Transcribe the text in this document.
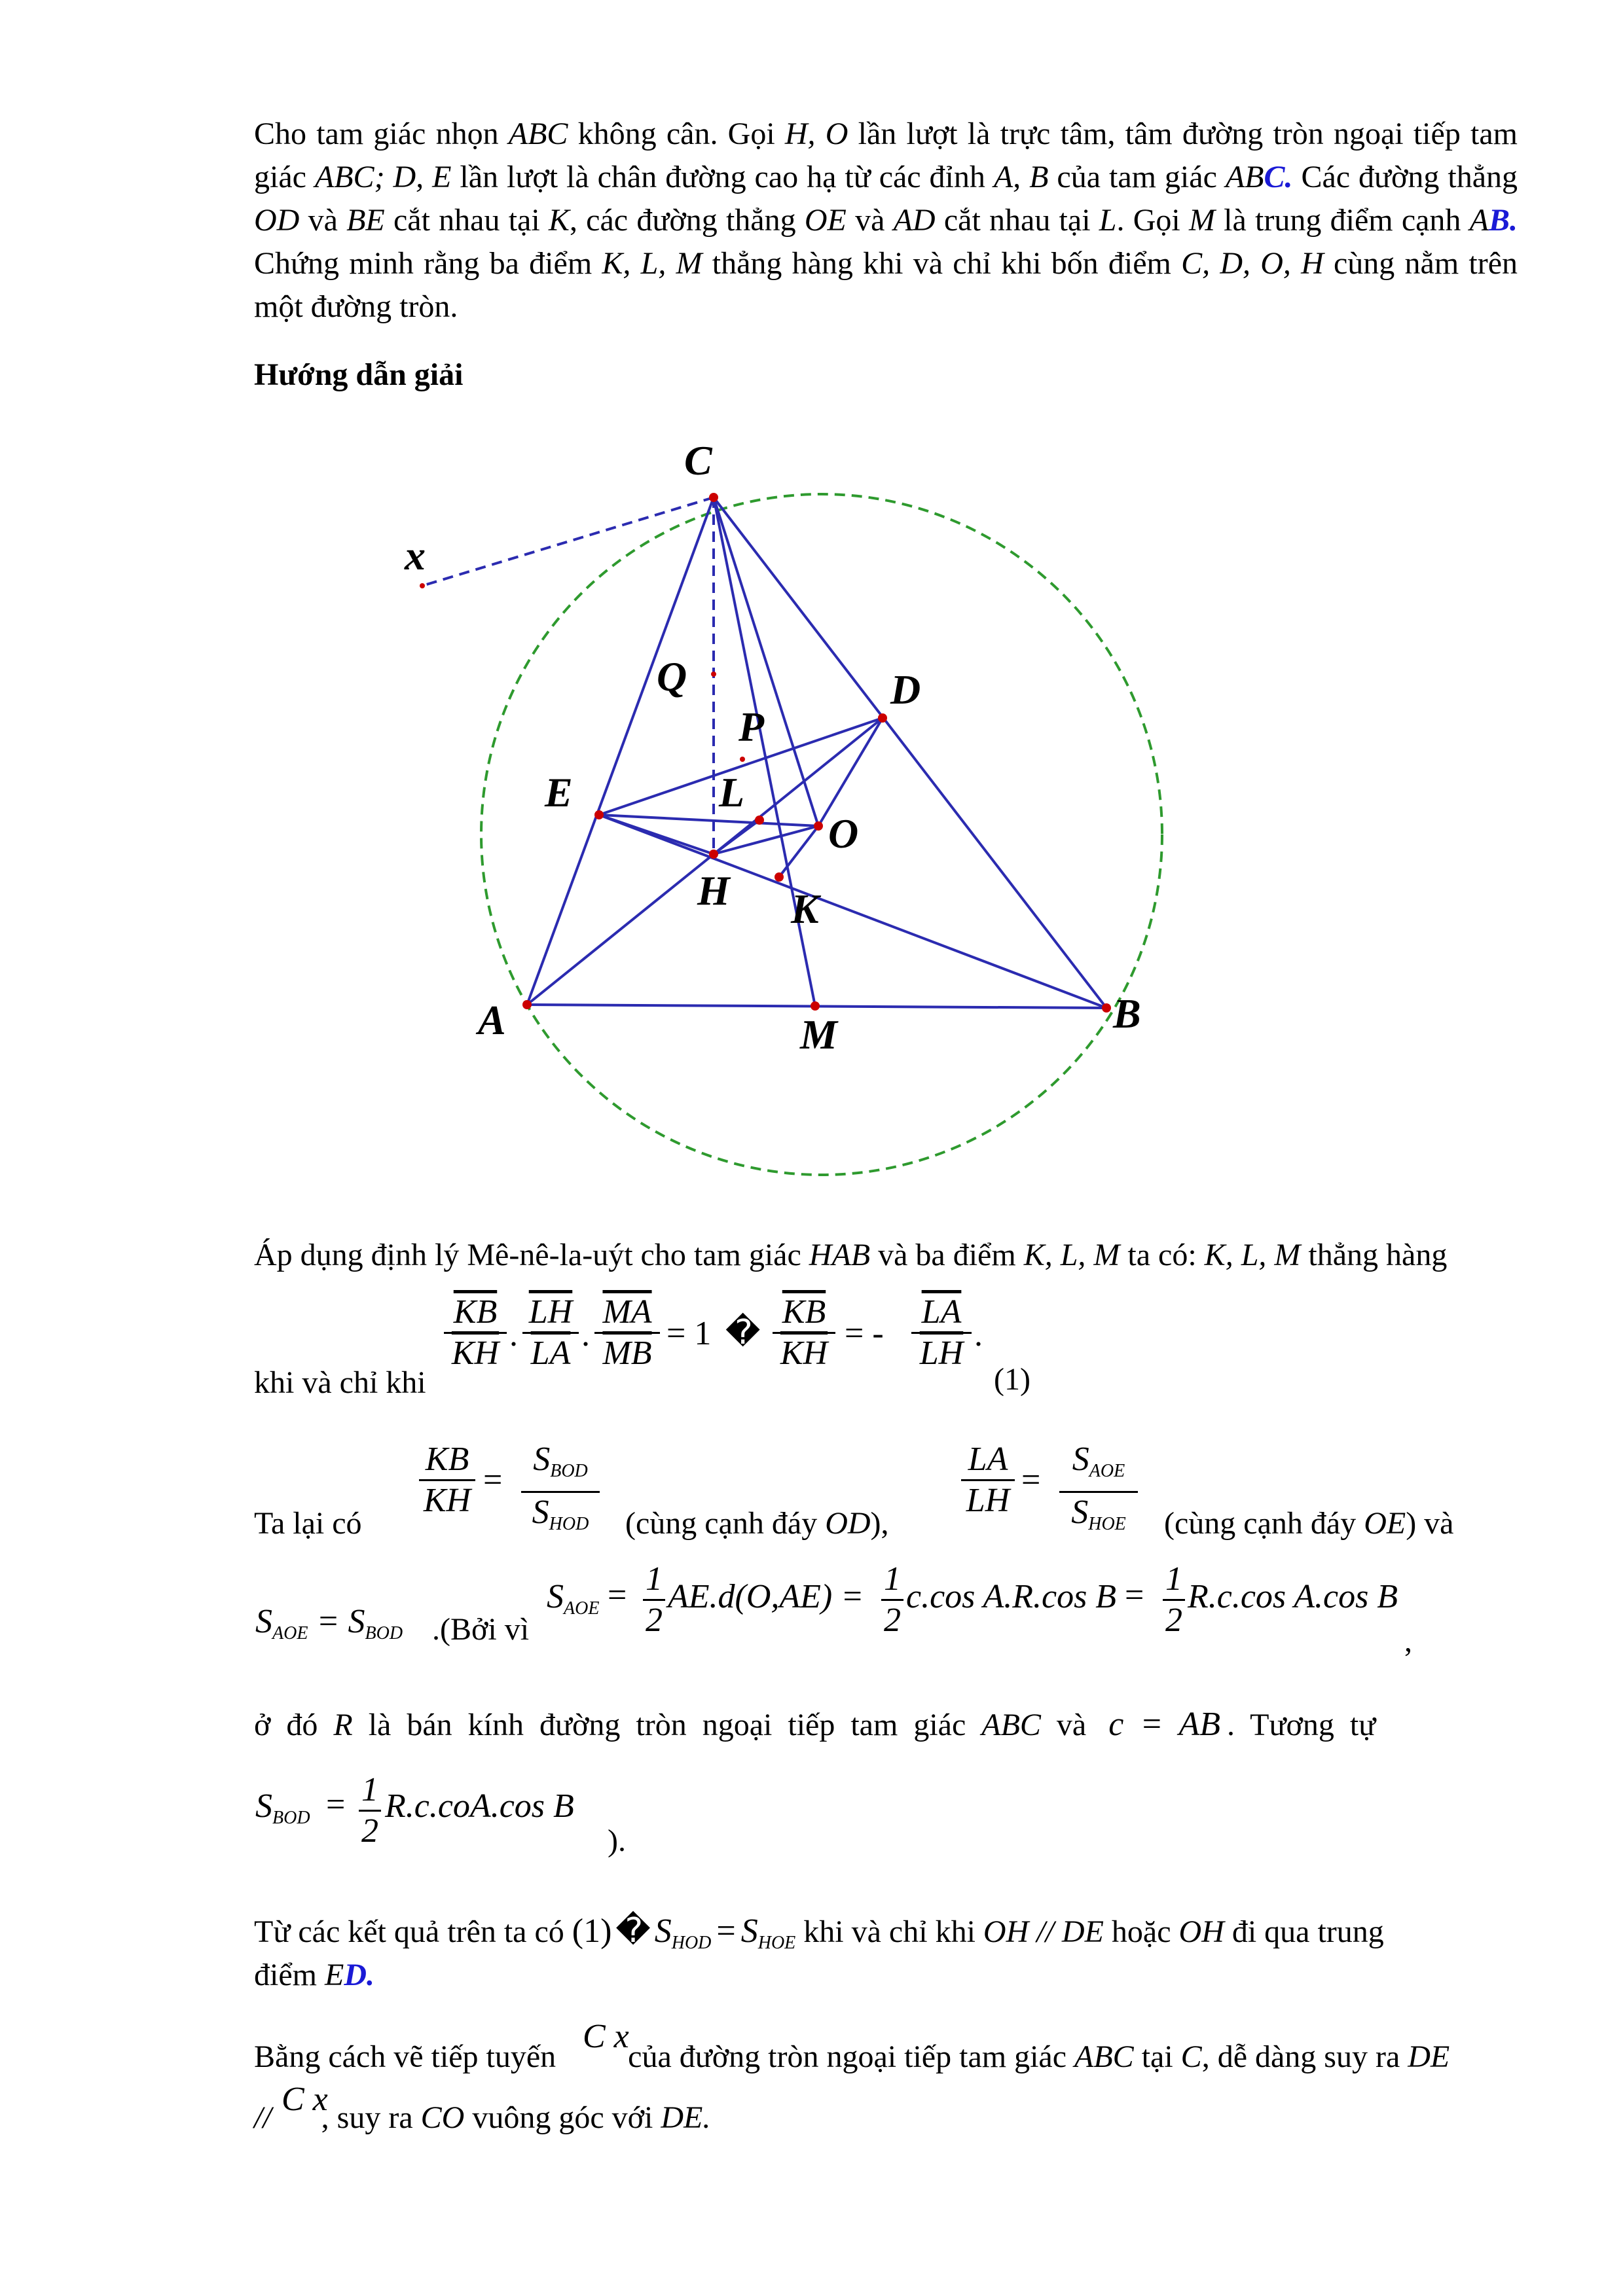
Cho tam giác nhọn ABC không cân. Gọi H, O lần lượt là trực tâm, tâm đường tròn ngoại tiếp tam giác ABC; D, E lần lượt là chân đường cao hạ từ các đỉnh A, B của tam giác ABC. Các đường thẳng OD và BE cắt nhau tại K, các đường thẳng OE và AD cắt nhau tại L. Gọi M là trung điểm cạnh AB. Chứng minh rằng ba điểm K, L, M thẳng hàng khi và chỉ khi bốn điểm C, D, O, H cùng nằm trên một đường tròn.

Hướng dẫn giải
C
x
Q
P
D
E	L
O
H K
A	M	B
Áp dụng định lý Mê-nê-la-uýt cho tam giác HAB và ba điểm K, L, M ta có: K, L, M thẳng hàng
khi và chỉ khi
$\frac{\overline{KB}}{KH}$ . $\frac{\overline{LH}}{LA}$ . $\frac{\overline{MA}}{MB} = 1$ � $\frac{\overline{KB}}{KH}$ = - $\frac{\overline{LA}}{LH}$ .
(1)
Ta lại có
KB
KH
=
$S_{BOD}$
$S_{HOD}$	(cùng cạnh đáy OD),
LA
LH
=
$S_{AOE}$
$S_{HOE}$	(cùng cạnh đáy OE) và
$S_{AOE} = S_{BOD}$ .(Bởi vì
$S_{AOE} = 1$
2
AE.d(O,AE) = 1
2
c.cos A.R.cos B = 1
2
R.c.cos A.cos B
,
ở đó R là bán kính đường tròn ngoại tiếp tam giác ABC và c = AB . Tương tự
$S_{BOD} = 1$
2
R.c.coA.cos B
).
Từ các kết quả trên ta có (1) � $S_{HOD} = S_{HOE}$ khi và chỉ khi OH // DE hoặc OH đi qua trung
điểm ED.
C x
Bằng cách vẽ tiếp tuyến  của đường tròn ngoại tiếp tam giác ABC tại C, dễ dàng suy ra DE
C x
// , suy ra CO vuông góc với DE.
